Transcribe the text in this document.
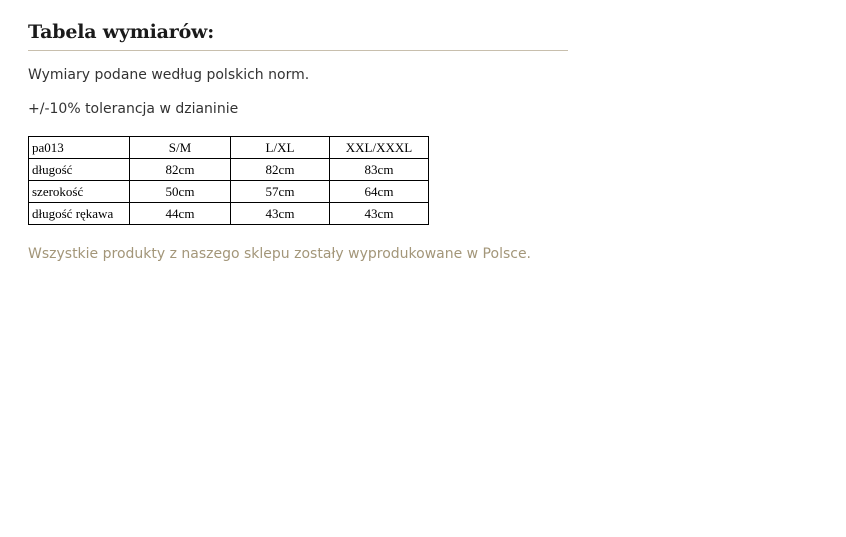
Tabela wymiarów:

Wymiary podane według polskich norm.

+/-10% tolerancja w dzianinie

pa013	S/M	L/XL	XXL/XXXL
długość	82cm	82cm	83cm
szerokość	50cm	57cm	64cm
długość rękawa	44cm	43cm	43cm

Wszystkie produkty z naszego sklepu zostały wyprodukowane w Polsce.
